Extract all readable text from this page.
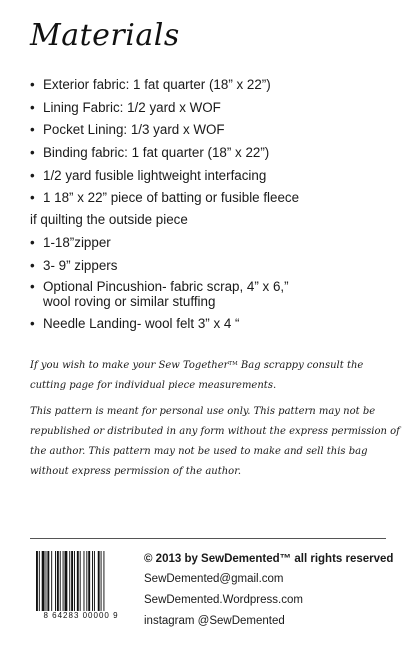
Materials
• Exterior fabric: 1 fat quarter (18” x 22”)
• Lining Fabric: 1/2 yard x WOF
• Pocket Lining: 1/3 yard x WOF
• Binding fabric: 1 fat quarter (18” x 22”)
• 1/2 yard fusible lightweight interfacing
• 1 18” x 22” piece of batting or fusible fleece
if quilting the outside piece
• 1-18”zipper
• 3- 9” zippers
• Optional Pincushion- fabric scrap, 4” x 6,”
wool roving or similar stuffing
• Needle Landing- wool felt 3” x 4 “
If you wish to make your Sew Together™ Bag scrappy consult the cutting page for individual piece measurements.
This pattern is meant for personal use only. This pattern may not be republished or distributed in any form without the express permission of the author. This pattern may not be used to make and sell this bag without express permission of the author.
8 64283 00000 9
© 2013 by SewDemented™ all rights reserved
SewDemented@gmail.com
SewDemented.Wordpress.com
instagram @SewDemented
